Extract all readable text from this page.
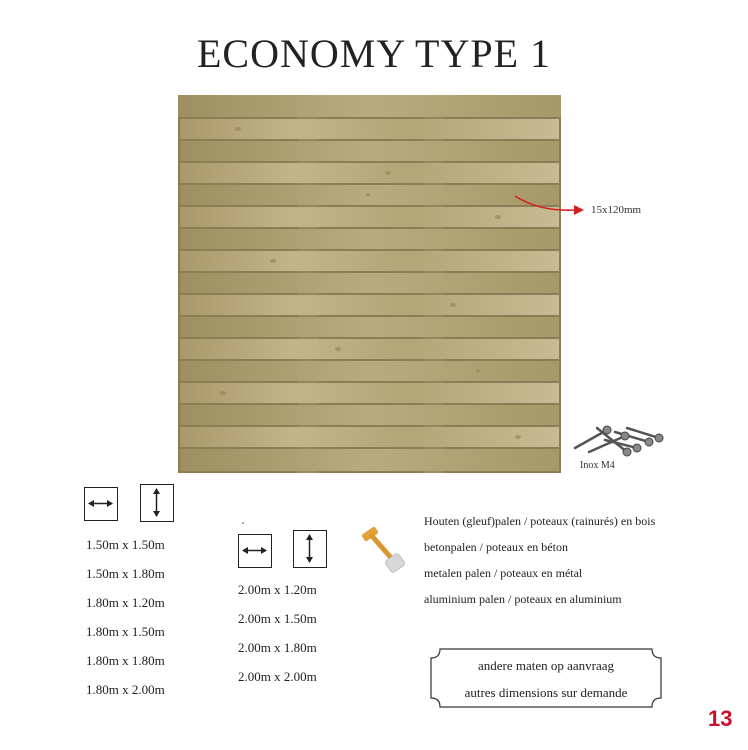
ECONOMY TYPE 1
15x120mm
Inox M4
1.50m x 1.50m
1.50m x 1.80m
1.80m x 1.20m
1.80m x 1.50m
1.80m x 1.80m
1.80m x 2.00m
2.00m x 1.20m
2.00m x 1.50m
2.00m x 1.80m
2.00m x 2.00m
Houten (gleuf)palen / poteaux (rainurés) en bois
betonpalen / poteaux en béton
metalen palen / poteaux en métal
aluminium palen / poteaux en aluminium
andere maten op aanvraag
autres dimensions sur demande
13
